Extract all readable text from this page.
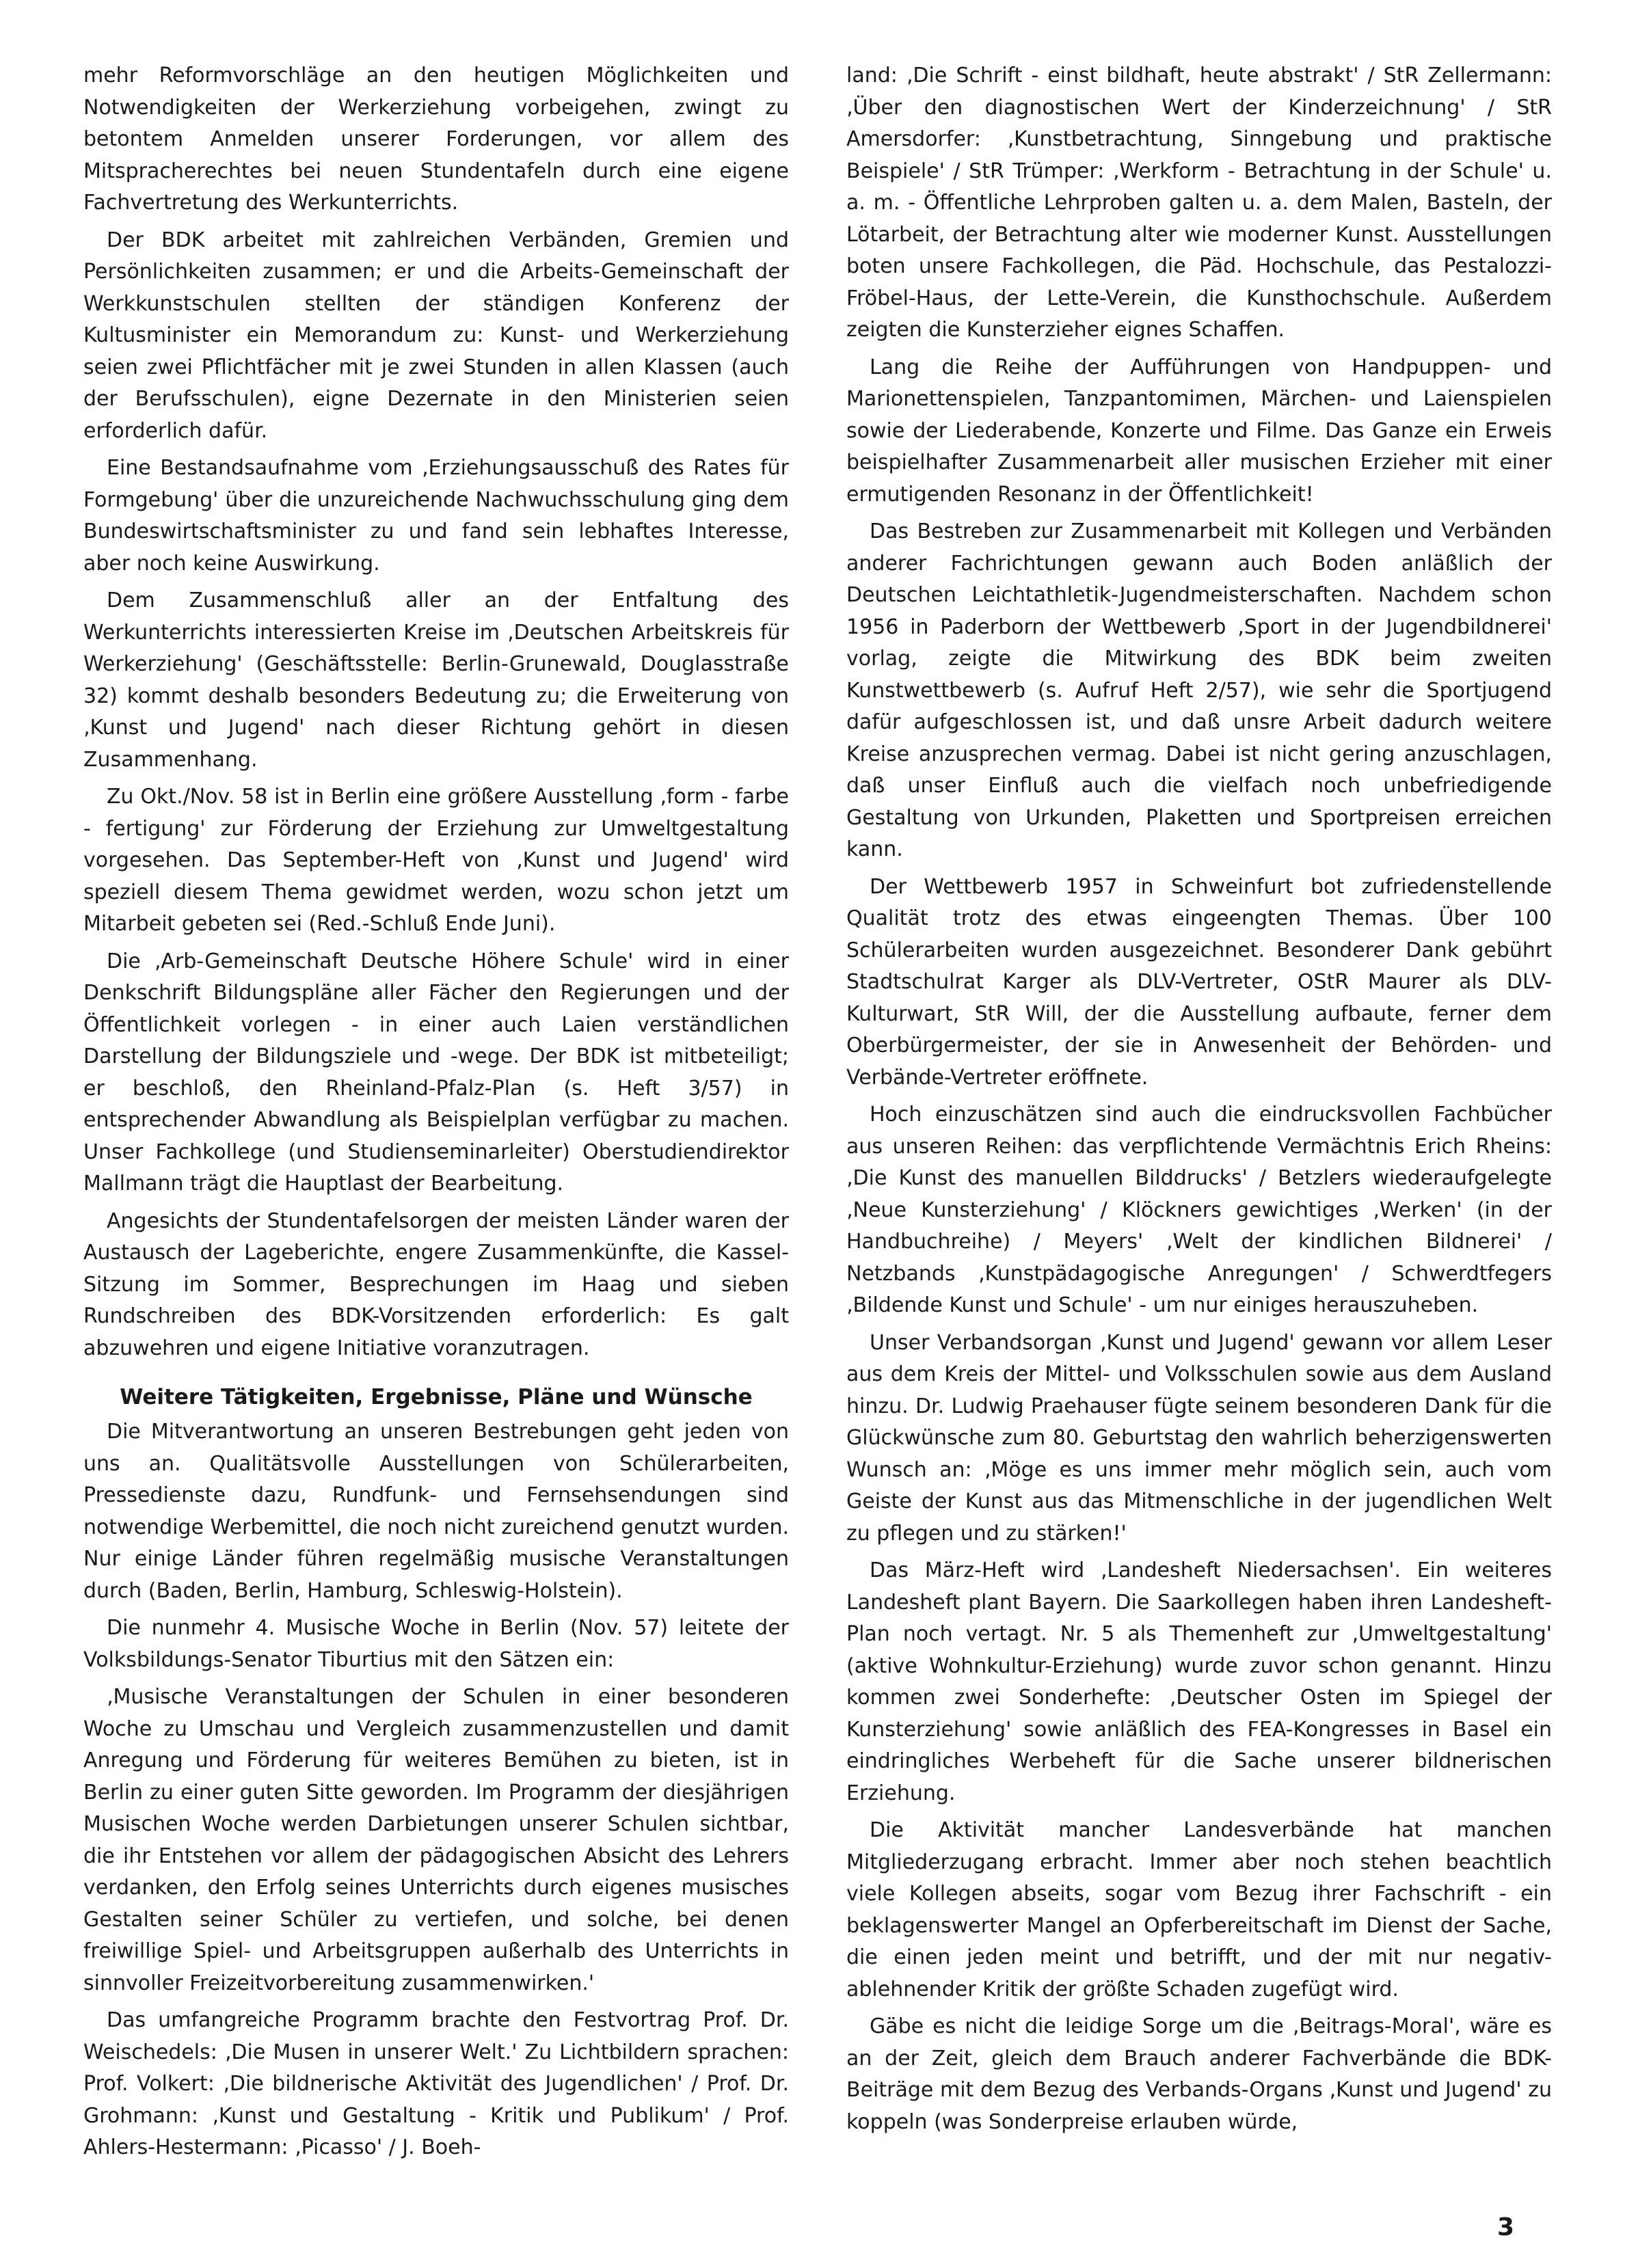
mehr Reformvorschläge an den heutigen Möglichkeiten und Notwendigkeiten der Werkerziehung vorbeigehen, zwingt zu betontem Anmelden unserer Forderungen, vor allem des Mitspracherechtes bei neuen Stundentafeln durch eine eigene Fachvertretung des Werkunterrichts.

Der BDK arbeitet mit zahlreichen Verbänden, Gremien und Persönlichkeiten zusammen; er und die Arbeits-Gemeinschaft der Werkkunstschulen stellten der ständigen Konferenz der Kultusminister ein Memorandum zu: Kunst- und Werkerziehung seien zwei Pflichtfächer mit je zwei Stunden in allen Klassen (auch der Berufsschulen), eigne Dezernate in den Ministerien seien erforderlich dafür.

Eine Bestandsaufnahme vom ‚Erziehungsausschuß des Rates für Formgebung' über die unzureichende Nachwuchsschulung ging dem Bundeswirtschaftsminister zu und fand sein lebhaftes Interesse, aber noch keine Auswirkung.

Dem Zusammenschluß aller an der Entfaltung des Werkunterrichts interessierten Kreise im ‚Deutschen Arbeitskreis für Werkerziehung' (Geschäftsstelle: Berlin-Grunewald, Douglasstraße 32) kommt deshalb besonders Bedeutung zu; die Erweiterung von ‚Kunst und Jugend' nach dieser Richtung gehört in diesen Zusammenhang.

Zu Okt./Nov. 58 ist in Berlin eine größere Ausstellung ‚form - farbe - fertigung' zur Förderung der Erziehung zur Umweltgestaltung vorgesehen. Das September-Heft von ‚Kunst und Jugend' wird speziell diesem Thema gewidmet werden, wozu schon jetzt um Mitarbeit gebeten sei (Red.-Schluß Ende Juni).

Die ‚Arb-Gemeinschaft Deutsche Höhere Schule' wird in einer Denkschrift Bildungspläne aller Fächer den Regierungen und der Öffentlichkeit vorlegen - in einer auch Laien verständlichen Darstellung der Bildungsziele und -wege. Der BDK ist mitbeteiligt; er beschloß, den Rheinland-Pfalz-Plan (s. Heft 3/57) in entsprechender Abwandlung als Beispielplan verfügbar zu machen. Unser Fachkollege (und Studienseminarleiter) Oberstudiendirektor Mallmann trägt die Hauptlast der Bearbeitung.

Angesichts der Stundentafelsorgen der meisten Länder waren der Austausch der Lageberichte, engere Zusammenkünfte, die Kassel-Sitzung im Sommer, Besprechungen im Haag und sieben Rundschreiben des BDK-Vorsitzenden erforderlich: Es galt abzuwehren und eigene Initiative voranzutragen.

Weitere Tätigkeiten, Ergebnisse, Pläne und Wünsche

Die Mitverantwortung an unseren Bestrebungen geht jeden von uns an. Qualitätsvolle Ausstellungen von Schülerarbeiten, Pressedienste dazu, Rundfunk- und Fernsehsendungen sind notwendige Werbemittel, die noch nicht zureichend genutzt wurden. Nur einige Länder führen regelmäßig musische Veranstaltungen durch (Baden, Berlin, Hamburg, Schleswig-Holstein).

Die nunmehr 4. Musische Woche in Berlin (Nov. 57) leitete der Volksbildungs-Senator Tiburtius mit den Sätzen ein:

‚Musische Veranstaltungen der Schulen in einer besonderen Woche zu Umschau und Vergleich zusammenzustellen und damit Anregung und Förderung für weiteres Bemühen zu bieten, ist in Berlin zu einer guten Sitte geworden. Im Programm der diesjährigen Musischen Woche werden Darbietungen unserer Schulen sichtbar, die ihr Entstehen vor allem der pädagogischen Absicht des Lehrers verdanken, den Erfolg seines Unterrichts durch eigenes musisches Gestalten seiner Schüler zu vertiefen, und solche, bei denen freiwillige Spiel- und Arbeitsgruppen außerhalb des Unterrichts in sinnvoller Freizeitvorbereitung zusammenwirken.'

Das umfangreiche Programm brachte den Festvortrag Prof. Dr. Weischedels: ‚Die Musen in unserer Welt.' Zu Lichtbildern sprachen: Prof. Volkert: ‚Die bildnerische Aktivität des Jugendlichen' / Prof. Dr. Grohmann: ‚Kunst und Gestaltung - Kritik und Publikum' / Prof. Ahlers-Hestermann: ‚Picasso' / J. Boeh-

land: ‚Die Schrift - einst bildhaft, heute abstrakt' / StR Zellermann: ‚Über den diagnostischen Wert der Kinderzeichnung' / StR Amersdorfer: ‚Kunstbetrachtung, Sinngebung und praktische Beispiele' / StR Trümper: ‚Werkform - Betrachtung in der Schule' u. a. m. - Öffentliche Lehrproben galten u. a. dem Malen, Basteln, der Lötarbeit, der Betrachtung alter wie moderner Kunst. Ausstellungen boten unsere Fachkollegen, die Päd. Hochschule, das Pestalozzi-Fröbel-Haus, der Lette-Verein, die Kunsthochschule. Außerdem zeigten die Kunsterzieher eignes Schaffen.

Lang die Reihe der Aufführungen von Handpuppen- und Marionettenspielen, Tanzpantomimen, Märchen- und Laienspielen sowie der Liederabende, Konzerte und Filme. Das Ganze ein Erweis beispielhafter Zusammenarbeit aller musischen Erzieher mit einer ermutigenden Resonanz in der Öffentlichkeit!

Das Bestreben zur Zusammenarbeit mit Kollegen und Verbänden anderer Fachrichtungen gewann auch Boden anläßlich der Deutschen Leichtathletik-Jugendmeisterschaften. Nachdem schon 1956 in Paderborn der Wettbewerb ‚Sport in der Jugendbildnerei' vorlag, zeigte die Mitwirkung des BDK beim zweiten Kunstwettbewerb (s. Aufruf Heft 2/57), wie sehr die Sportjugend dafür aufgeschlossen ist, und daß unsre Arbeit dadurch weitere Kreise anzusprechen vermag. Dabei ist nicht gering anzuschlagen, daß unser Einfluß auch die vielfach noch unbefriedigende Gestaltung von Urkunden, Plaketten und Sportpreisen erreichen kann.

Der Wettbewerb 1957 in Schweinfurt bot zufriedenstellende Qualität trotz des etwas eingeengten Themas. Über 100 Schülerarbeiten wurden ausgezeichnet. Besonderer Dank gebührt Stadtschulrat Karger als DLV-Vertreter, OStR Maurer als DLV-Kulturwart, StR Will, der die Ausstellung aufbaute, ferner dem Oberbürgermeister, der sie in Anwesenheit der Behörden- und Verbände-Vertreter eröffnete.

Hoch einzuschätzen sind auch die eindrucksvollen Fachbücher aus unseren Reihen: das verpflichtende Vermächtnis Erich Rheins: ‚Die Kunst des manuellen Bilddrucks' / Betzlers wiederaufgelegte ‚Neue Kunsterziehung' / Klöckners gewichtiges ‚Werken' (in der Handbuchreihe) / Meyers' ‚Welt der kindlichen Bildnerei' / Netzbands ‚Kunstpädagogische Anregungen' / Schwerdtfegers ‚Bildende Kunst und Schule' - um nur einiges herauszuheben.

Unser Verbandsorgan ‚Kunst und Jugend' gewann vor allem Leser aus dem Kreis der Mittel- und Volksschulen sowie aus dem Ausland hinzu. Dr. Ludwig Praehauser fügte seinem besonderen Dank für die Glückwünsche zum 80. Geburtstag den wahrlich beherzigenswerten Wunsch an: ‚Möge es uns immer mehr möglich sein, auch vom Geiste der Kunst aus das Mitmenschliche in der jugendlichen Welt zu pflegen und zu stärken!'

Das März-Heft wird ‚Landesheft Niedersachsen'. Ein weiteres Landesheft plant Bayern. Die Saarkollegen haben ihren Landesheft-Plan noch vertagt. Nr. 5 als Themenheft zur ‚Umweltgestaltung' (aktive Wohnkultur-Erziehung) wurde zuvor schon genannt. Hinzu kommen zwei Sonderhefte: ‚Deutscher Osten im Spiegel der Kunsterziehung' sowie anläßlich des FEA-Kongresses in Basel ein eindringliches Werbeheft für die Sache unserer bildnerischen Erziehung.

Die Aktivität mancher Landesverbände hat manchen Mitgliederzugang erbracht. Immer aber noch stehen beachtlich viele Kollegen abseits, sogar vom Bezug ihrer Fachschrift - ein beklagenswerter Mangel an Opferbereitschaft im Dienst der Sache, die einen jeden meint und betrifft, und der mit nur negativ-ablehnender Kritik der größte Schaden zugefügt wird.

Gäbe es nicht die leidige Sorge um die ‚Beitrags-Moral', wäre es an der Zeit, gleich dem Brauch anderer Fachverbände die BDK-Beiträge mit dem Bezug des Verbands-Organs ‚Kunst und Jugend' zu koppeln (was Sonderpreise erlauben würde,

3
